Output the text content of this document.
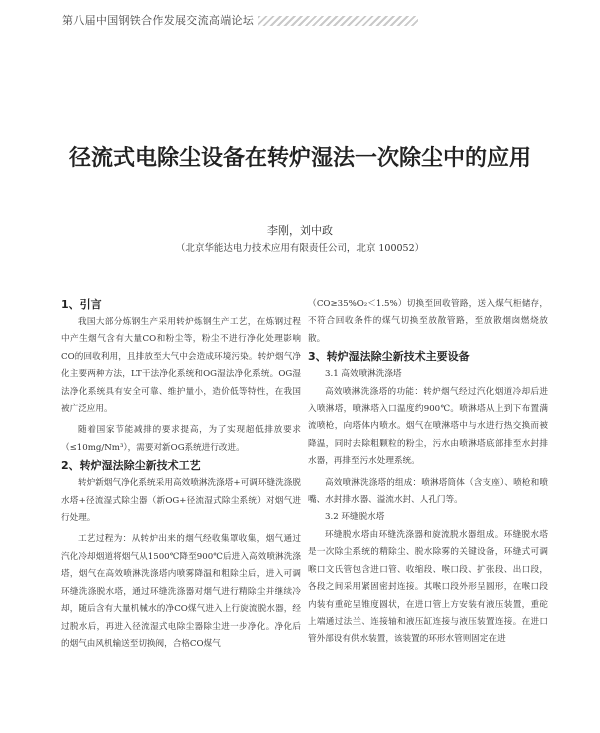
第八届中国钢铁合作发展交流高端论坛
径流式电除尘设备在转炉湿法一次除尘中的应用
李刚，刘中政
（北京华能达电力技术应用有限责任公司，北京 100052）
1、引言
我国大部分炼钢生产采用转炉炼钢生产工艺，在炼钢过程中产生烟气含有大量CO和粉尘等，粉尘不进行净化处理影响CO的回收利用，且排放至大气中会造成环境污染。转炉烟气净化主要两种方法，LT干法净化系统和OG湿法净化系统。OG湿法净化系统具有安全可靠、维护量小，造价低等特性，在我国被广泛应用。
随着国家节能减排的要求提高，为了实现超低排放要求（≤10mg/Nm³），需要对新OG系统进行改进。
2、转炉湿法除尘新技术工艺
转炉新烟气净化系统采用高效喷淋洗涤塔+可调环缝洗涤脱水塔+径流湿式除尘器（新OG+径流湿式除尘系统）对烟气进行处理。
工艺过程为：从转炉出来的烟气经收集罩收集，烟气通过汽化冷却烟道将烟气从1500℃降至900℃后进入高效喷淋洗涤塔，烟气在高效喷淋洗涤塔内喷雾降温和粗除尘后，进入可调环缝洗涤脱水塔，通过环缝洗涤器对烟气进行精除尘并继续冷却，随后含有大量机械水的净CO煤气进入上行旋流脱水器，经过脱水后，再进入径流湿式电除尘器除尘进一步净化。净化后的烟气由风机输送至切换阀，合格CO煤气
（CO≥35%O₂＜1.5%）切换至回收管路，送入煤气柜储存，不符合回收条件的煤气切换至放散管路，至放散烟囱燃烧放散。
3、转炉湿法除尘新技术主要设备
3.1 高效喷淋洗涤塔
高效喷淋洗涤塔的功能：转炉烟气经过汽化烟道冷却后进入喷淋塔，喷淋塔入口温度约900℃。喷淋塔从上到下布置满流喷枪，向塔体内喷水。烟气在喷淋塔中与水进行热交换而被降温，同时去除粗颗粒的粉尘，污水由喷淋塔底部排至水封排水器，再排至污水处理系统。
高效喷淋洗涤塔的组成：喷淋塔筒体（含支座）、喷枪和喷嘴、水封排水器、溢流水封、人孔门等。
3.2 环缝脱水塔
环缝脱水塔由环缝洗涤器和旋流脱水器组成。环缝脱水塔是一次除尘系统的精除尘、脱水除雾的关键设备，环缝式可调喉口文氏管包含进口管、收缩段、喉口段、扩张段、出口段，各段之间采用紧固密封连接。其喉口段外形呈圆形，在喉口段内装有重砣呈锥度圆状，在进口管上方安装有液压装置，重砣上端通过法兰、连接轴和液压缸连接与液压装置连接。在进口管外部设有供水装置，该装置的环形水管则固定在进
